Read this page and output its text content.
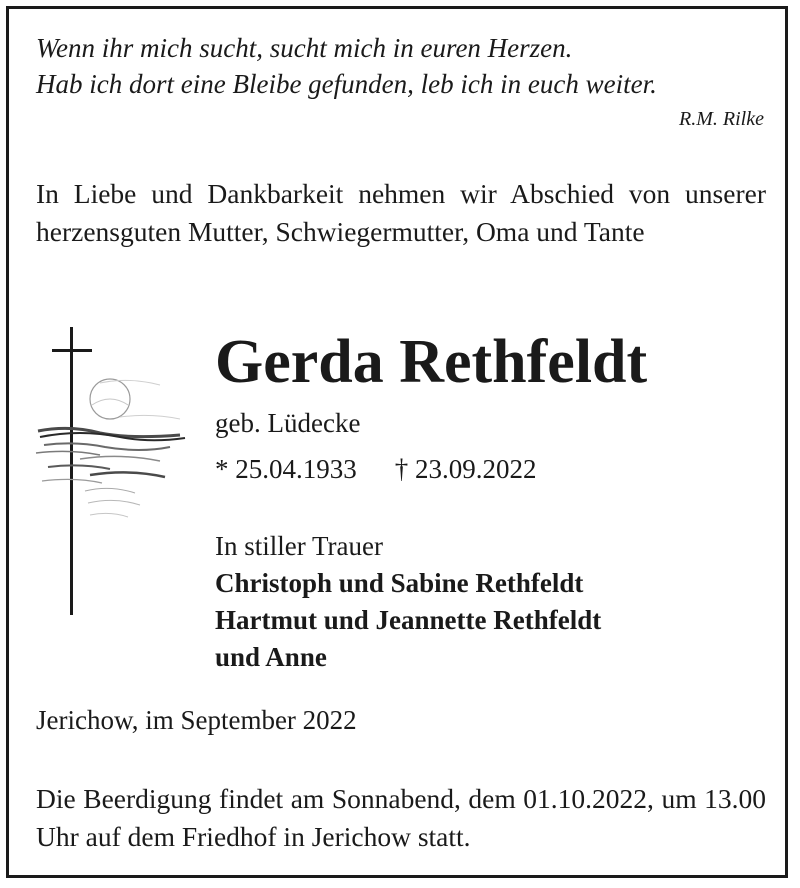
Wenn ihr mich sucht, sucht mich in euren Herzen.
Hab ich dort eine Bleibe gefunden, leb ich in euch weiter.
R.M. Rilke
In Liebe und Dankbarkeit nehmen wir Abschied von unserer herzensguten Mutter, Schwiegermutter, Oma und Tante
Gerda Rethfeldt
geb. Lüdecke
* 25.04.1933 † 23.09.2022
In stiller Trauer
Christoph und Sabine Rethfeldt
Hartmut und Jeannette Rethfeldt
und Anne
Jerichow, im September 2022
Die Beerdigung findet am Sonnabend, dem 01.10.2022, um 13.00 Uhr auf dem Friedhof in Jerichow statt.
